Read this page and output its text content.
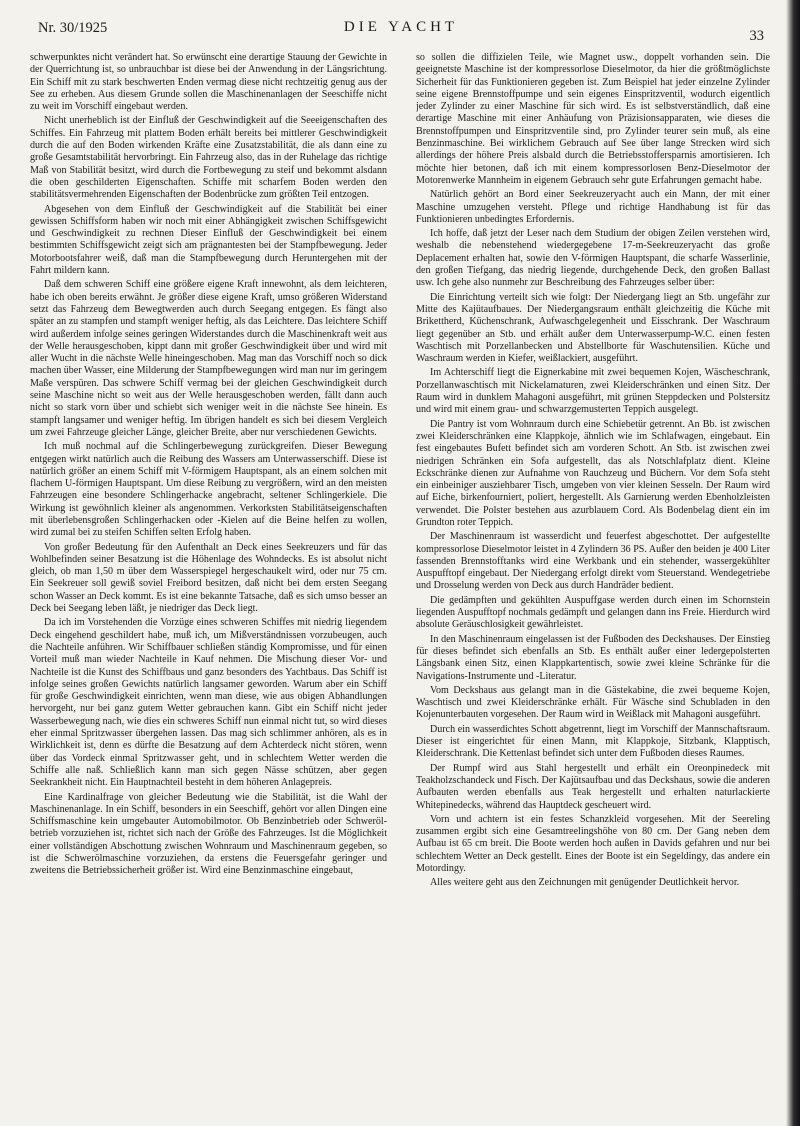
Nr. 30/1925	DIE YACHT
33

schwerpunktes nicht verändert hat. So erwünscht eine derartige Stauung der Gewichte in der Querrichtung ist, so unbrauchbar ist diese bei der Anwendung in der Längsrichtung. Ein Schiff mit zu stark beschwerten Enden vermag diese nicht rechtzeitig genug aus der See zu erheben. Aus diesem Grunde sollen die Maschinenanlagen der Seeschiffe nicht zu weit im Vorschiff eingebaut werden.

Nicht unerheblich ist der Einfluß der Geschwindigkeit auf die Seeeigenschaften des Schiffes. Ein Fahrzeug mit plattem Boden erhält bereits bei mittlerer Geschwindigkeit durch die auf den Boden wirkenden Kräfte eine Zusatzstabilität, die als dann eine zu große Gesamtstabilität hervorbringt. Ein Fahrzeug also, das in der Ruhelage das richtige Maß von Stabilität besitzt, wird durch die Fortbewegung zu steif und bekommt alsdann die oben geschilderten Eigenschaften. Schiffe mit scharfem Boden werden den stabilitätsvermehrenden Eigenschaften der Bodenbrücke zum größten Teil entzogen.

Abgesehen von dem Einfluß der Geschwindigkeit auf die Stabilität bei einer gewissen Schiffsform haben wir noch mit einer Abhängigkeit zwischen Schiffsgewicht und Geschwindigkeit zu rechnen Dieser Einfluß der Geschwindigkeit bei einem bestimmten Schiffsgewicht zeigt sich am prägnantesten bei der Stampfbewegung. Jeder Motorbootsfahrer weiß, daß man die Stampfbewegung durch Heruntergehen mit der Fahrt mildern kann.

Daß dem schweren Schiff eine größere eigene Kraft innewohnt, als dem leichteren, habe ich oben bereits erwähnt. Je größer diese eigene Kraft, umso größeren Widerstand setzt das Fahrzeug dem Bewegtwerden auch durch Seegang entgegen. Es fängt also später an zu stampfen und stampft weniger heftig, als das Leichtere. Das leichtere Schiff wird außerdem infolge seines geringen Widerstandes durch die Maschinenkraft weit aus der Welle herausgeschoben, kippt dann mit großer Geschwindigkeit über und wird mit aller Wucht in die nächste Welle hineingeschoben. Mag man das Vorschiff noch so dick machen über Wasser, eine Milderung der Stampfbewegungen wird man nur im geringem Maße verspüren. Das schwere Schiff vermag bei der gleichen Geschwindigkeit durch seine Maschine nicht so weit aus der Welle herausgeschoben werden, fällt dann auch nicht so stark vorn über und schiebt sich weniger weit in die nächste See hinein. Es stampft langsamer und weniger heftig. Im übrigen handelt es sich bei diesem Vergleich um zwei Fahrzeuge gleicher Länge, gleicher Breite, aber nur verschiedenen Gewichts.

Ich muß nochmal auf die Schlingerbewegung zurückgreifen. Dieser Bewegung entgegen wirkt natürlich auch die Reibung des Wassers am Unterwasserschiff. Diese ist natürlich größer an einem Schiff mit V-förmigem Hauptspant, als an einem solchen mit flachem U-förmigen Hauptspant. Um diese Reibung zu vergrößern, wird an den meisten Fahrzeugen eine besondere Schlingerhacke angebracht, seltener Schlingerkiele. Die Wirkung ist gewöhnlich kleiner als angenommen. Verkorksten Stabilitätseigenschaften mit überlebensgroßen Schlingerhacken oder -Kielen auf die Beine helfen zu wollen, wird zumal bei zu steifen Schiffen selten Erfolg haben.

Von großer Bedeutung für den Aufenthalt an Deck eines Seekreuzers und für das Wohlbefinden seiner Besatzung ist die Höhenlage des Wohndecks. Es ist absolut nicht gleich, ob man 1,50 m über dem Wasserspiegel hergeschaukelt wird, oder nur 75 cm. Ein Seekreuer soll gewiß soviel Freibord besitzen, daß nicht bei dem ersten Seegang schon Wasser an Deck kommt. Es ist eine bekannte Tatsache, daß es sich umso besser an Deck bei Seegang leben läßt, je niedriger das Deck liegt.

Da ich im Vorstehenden die Vorzüge eines schweren Schiffes mit niedrig liegendem Deck eingehend geschildert habe, muß ich, um Mißverständnissen vorzubeugen, auch die Nachteile anführen. Wir Schiffbauer schließen ständig Kompromisse, und für einen Vorteil muß man wieder Nachteile in Kauf nehmen. Die Mischung dieser Vor- und Nachteile ist die Kunst des Schiffbaus und ganz besonders des Yachtbaus. Das Schiff ist infolge seines großen Gewichts natürlich langsamer geworden. Warum aber ein Schiff für große Geschwindigkeit einrichten, wenn man diese, wie aus obigen Abhandlungen hervorgeht, nur bei ganz gutem Wetter gebrauchen kann. Gibt ein Schiff nicht jeder Wasserbewegung nach, wie dies ein schweres Schiff nun einmal nicht tut, so wird dieses eher einmal Spritzwasser übergehen lassen. Das mag sich schlimmer anhören, als es in Wirklichkeit ist, denn es dürfte die Besatzung auf dem Achterdeck nicht stören, wenn über das Vordeck einmal Spritzwasser geht, und in schlechtem Wetter werden die Schiffe alle naß. Schließlich kann man sich gegen Nässe schützen, aber gegen Seekrankheit nicht. Ein Hauptnachteil besteht in dem höheren Anlagepreis.

Eine Kardinalfrage von gleicher Bedeutung wie die Stabilität, ist die Wahl der Maschinenanlage. In ein Schiff, besonders in ein Seeschiff, gehört vor allen Dingen eine Schiffsmaschine kein umgebauter Automobilmotor. Ob Benzinbetrieb oder Schweröl-betrieb vorzuziehen ist, richtet sich nach der Größe des Fahrzeuges. Ist die Möglichkeit einer vollständigen Abschottung zwischen Wohnraum und Maschinenraum gegeben, so ist die Schwerölmaschine vorzuziehen, da erstens die Feuersgefahr geringer und zweitens die Betriebssicherheit größer ist. Wird eine Benzinmaschine eingebaut,

so sollen die diffizielen Teile, wie Magnet usw., doppelt vorhanden sein. Die geeignetste Maschine ist der kompressorlose Dieselmotor, da hier die größtmöglichste Sicherheit für das Funktionieren gegeben ist. Zum Beispiel hat jeder einzelne Zylinder seine eigene Brennstoffpumpe und sein eigenes Einspritzventil, wodurch eigentlich jeder Zylinder zu einer Maschine für sich wird. Es ist selbstverständlich, daß eine derartige Maschine mit einer Anhäufung von Präzisionsapparaten, wie dieses die Brennstoffpumpen und Einspritzventile sind, pro Zylinder teurer sein muß, als eine Benzinmaschine. Bei wirklichem Gebrauch auf See über lange Strecken wird sich allerdings der höhere Preis alsbald durch die Betriebsstoffersparnis amortisieren. Ich möchte hier betonen, daß ich mit einem kompressorlosen Benz-Dieselmotor der Motorenwerke Mannheim in eigenem Gebrauch sehr gute Erfahrungen gemacht habe.

Natürlich gehört an Bord einer Seekreuzeryacht auch ein Mann, der mit einer Maschine umzugehen versteht. Pflege und richtige Handhabung ist für das Funktionieren unbedingtes Erfordernis.

Ich hoffe, daß jetzt der Leser nach dem Studium der obigen Zeilen verstehen wird, weshalb die nebenstehend wiedergegebene 17-m-Seekreuzeryacht das große Deplacement erhalten hat, sowie den V-förmigen Hauptspant, die scharfe Wasserlinie, den großen Tiefgang, das niedrig liegende, durchgehende Deck, den großen Ballast usw. Ich gehe also nunmehr zur Beschreibung des Fahrzeuges selber über:

Die Einrichtung verteilt sich wie folgt: Der Niedergang liegt an Stb. ungefähr zur Mitte des Kajütaufbaues. Der Niedergangsraum enthält gleichzeitig die Küche mit Brikettherd, Küchenschrank, Aufwaschgelegenheit und Eisschrank. Der Waschraum liegt gegenüber an Stb. und erhält außer dem Unterwasserpump-W.C. einen festen Waschtisch mit Porzellanbecken und Abstellborte für Waschutensilien. Küche und Waschraum werden in Kiefer, weißlackiert, ausgeführt.

Im Achterschiff liegt die Eignerkabine mit zwei bequemen Kojen, Wäscheschrank, Porzellanwaschtisch mit Nickelamaturen, zwei Kleiderschränken und einen Sitz. Der Raum wird in dunklem Mahagoni ausgeführt, mit grünen Steppdecken und Polstersitz und wird mit einem grau- und schwarzgemusterten Teppich ausgelegt.

Die Pantry ist vom Wohnraum durch eine Schiebetür getrennt. An Bb. ist zwischen zwei Kleiderschränken eine Klappkoje, ähnlich wie im Schlafwagen, eingebaut. Ein fest eingebautes Bufett befindet sich am vorderen Schott. An Stb. ist zwischen zwei niedrigen Schränken ein Sofa aufgestellt, das als Notschlafplatz dient. Kleine Eckschränke dienen zur Aufnahme von Rauchzeug und Büchern. Vor dem Sofa steht ein einbeiniger ausziehbarer Tisch, umgeben von vier kleinen Sesseln. Der Raum wird auf Eiche, birkenfourniert, poliert, hergestellt. Als Garnierung werden Ebenholzleisten verwendet. Die Polster bestehen aus azurblauem Cord. Als Bodenbelag dient ein im Grundton roter Teppich.

Der Maschinenraum ist wasserdicht und feuerfest abgeschottet. Der aufgestellte kompressorlose Dieselmotor leistet in 4 Zylindern 36 PS. Außer den beiden je 400 Liter fassenden Brennstofftanks wird eine Werkbank und ein stehender, wassergekühlter Auspufftopf eingebaut. Der Niedergang erfolgt direkt vom Steuerstand. Wendegetriebe und Drosselung werden von Deck aus durch Handräder bedient.

Die gedämpften und gekühlten Auspuffgase werden durch einen im Schornstein liegenden Auspufftopf nochmals gedämpft und gelangen dann ins Freie. Hierdurch wird absolute Geräuschlosigkeit gewährleistet.

In den Maschinenraum eingelassen ist der Fußboden des Deckshauses. Der Einstieg für dieses befindet sich ebenfalls an Stb. Es enthält außer einer ledergepolsterten Längsbank einen Sitz, einen Klappkartentisch, sowie zwei kleine Schränke für die Navigations-Instrumente und -Literatur.

Vom Deckshaus aus gelangt man in die Gästekabine, die zwei bequeme Kojen, Waschtisch und zwei Kleiderschränke erhält. Für Wäsche sind Schubladen in den Kojenunterbauten vorgesehen. Der Raum wird in Weißlack mit Mahagoni ausgeführt.

Durch ein wasserdichtes Schott abgetrennt, liegt im Vorschiff der Mannschaftsraum. Dieser ist eingerichtet für einen Mann, mit Klappkoje, Sitzbank, Klapptisch, Kleiderschrank. Die Kettenlast befindet sich unter dem Fußboden dieses Raumes.

Der Rumpf wird aus Stahl hergestellt und erhält ein Oreonpinedeck mit Teakholzschandeck und Fisch. Der Kajütsaufbau und das Deckshaus, sowie die anderen Aufbauten werden ebenfalls aus Teak hergestellt und erhalten naturlackierte Whitepinedecks, während das Hauptdeck gescheuert wird.

Vorn und achtern ist ein festes Schanzkleid vorgesehen. Mit der Seereling zusammen ergibt sich eine Gesamtreelingshöhe von 80 cm. Der Gang neben dem Aufbau ist 65 cm breit. Die Boote werden hoch außen in Davids gefahren und nur bei schlechtem Wetter an Deck gestellt. Eines der Boote ist ein Segeldingy, das andere ein Motordingy.

Alles weitere geht aus den Zeichnungen mit genügender Deutlichkeit hervor.
